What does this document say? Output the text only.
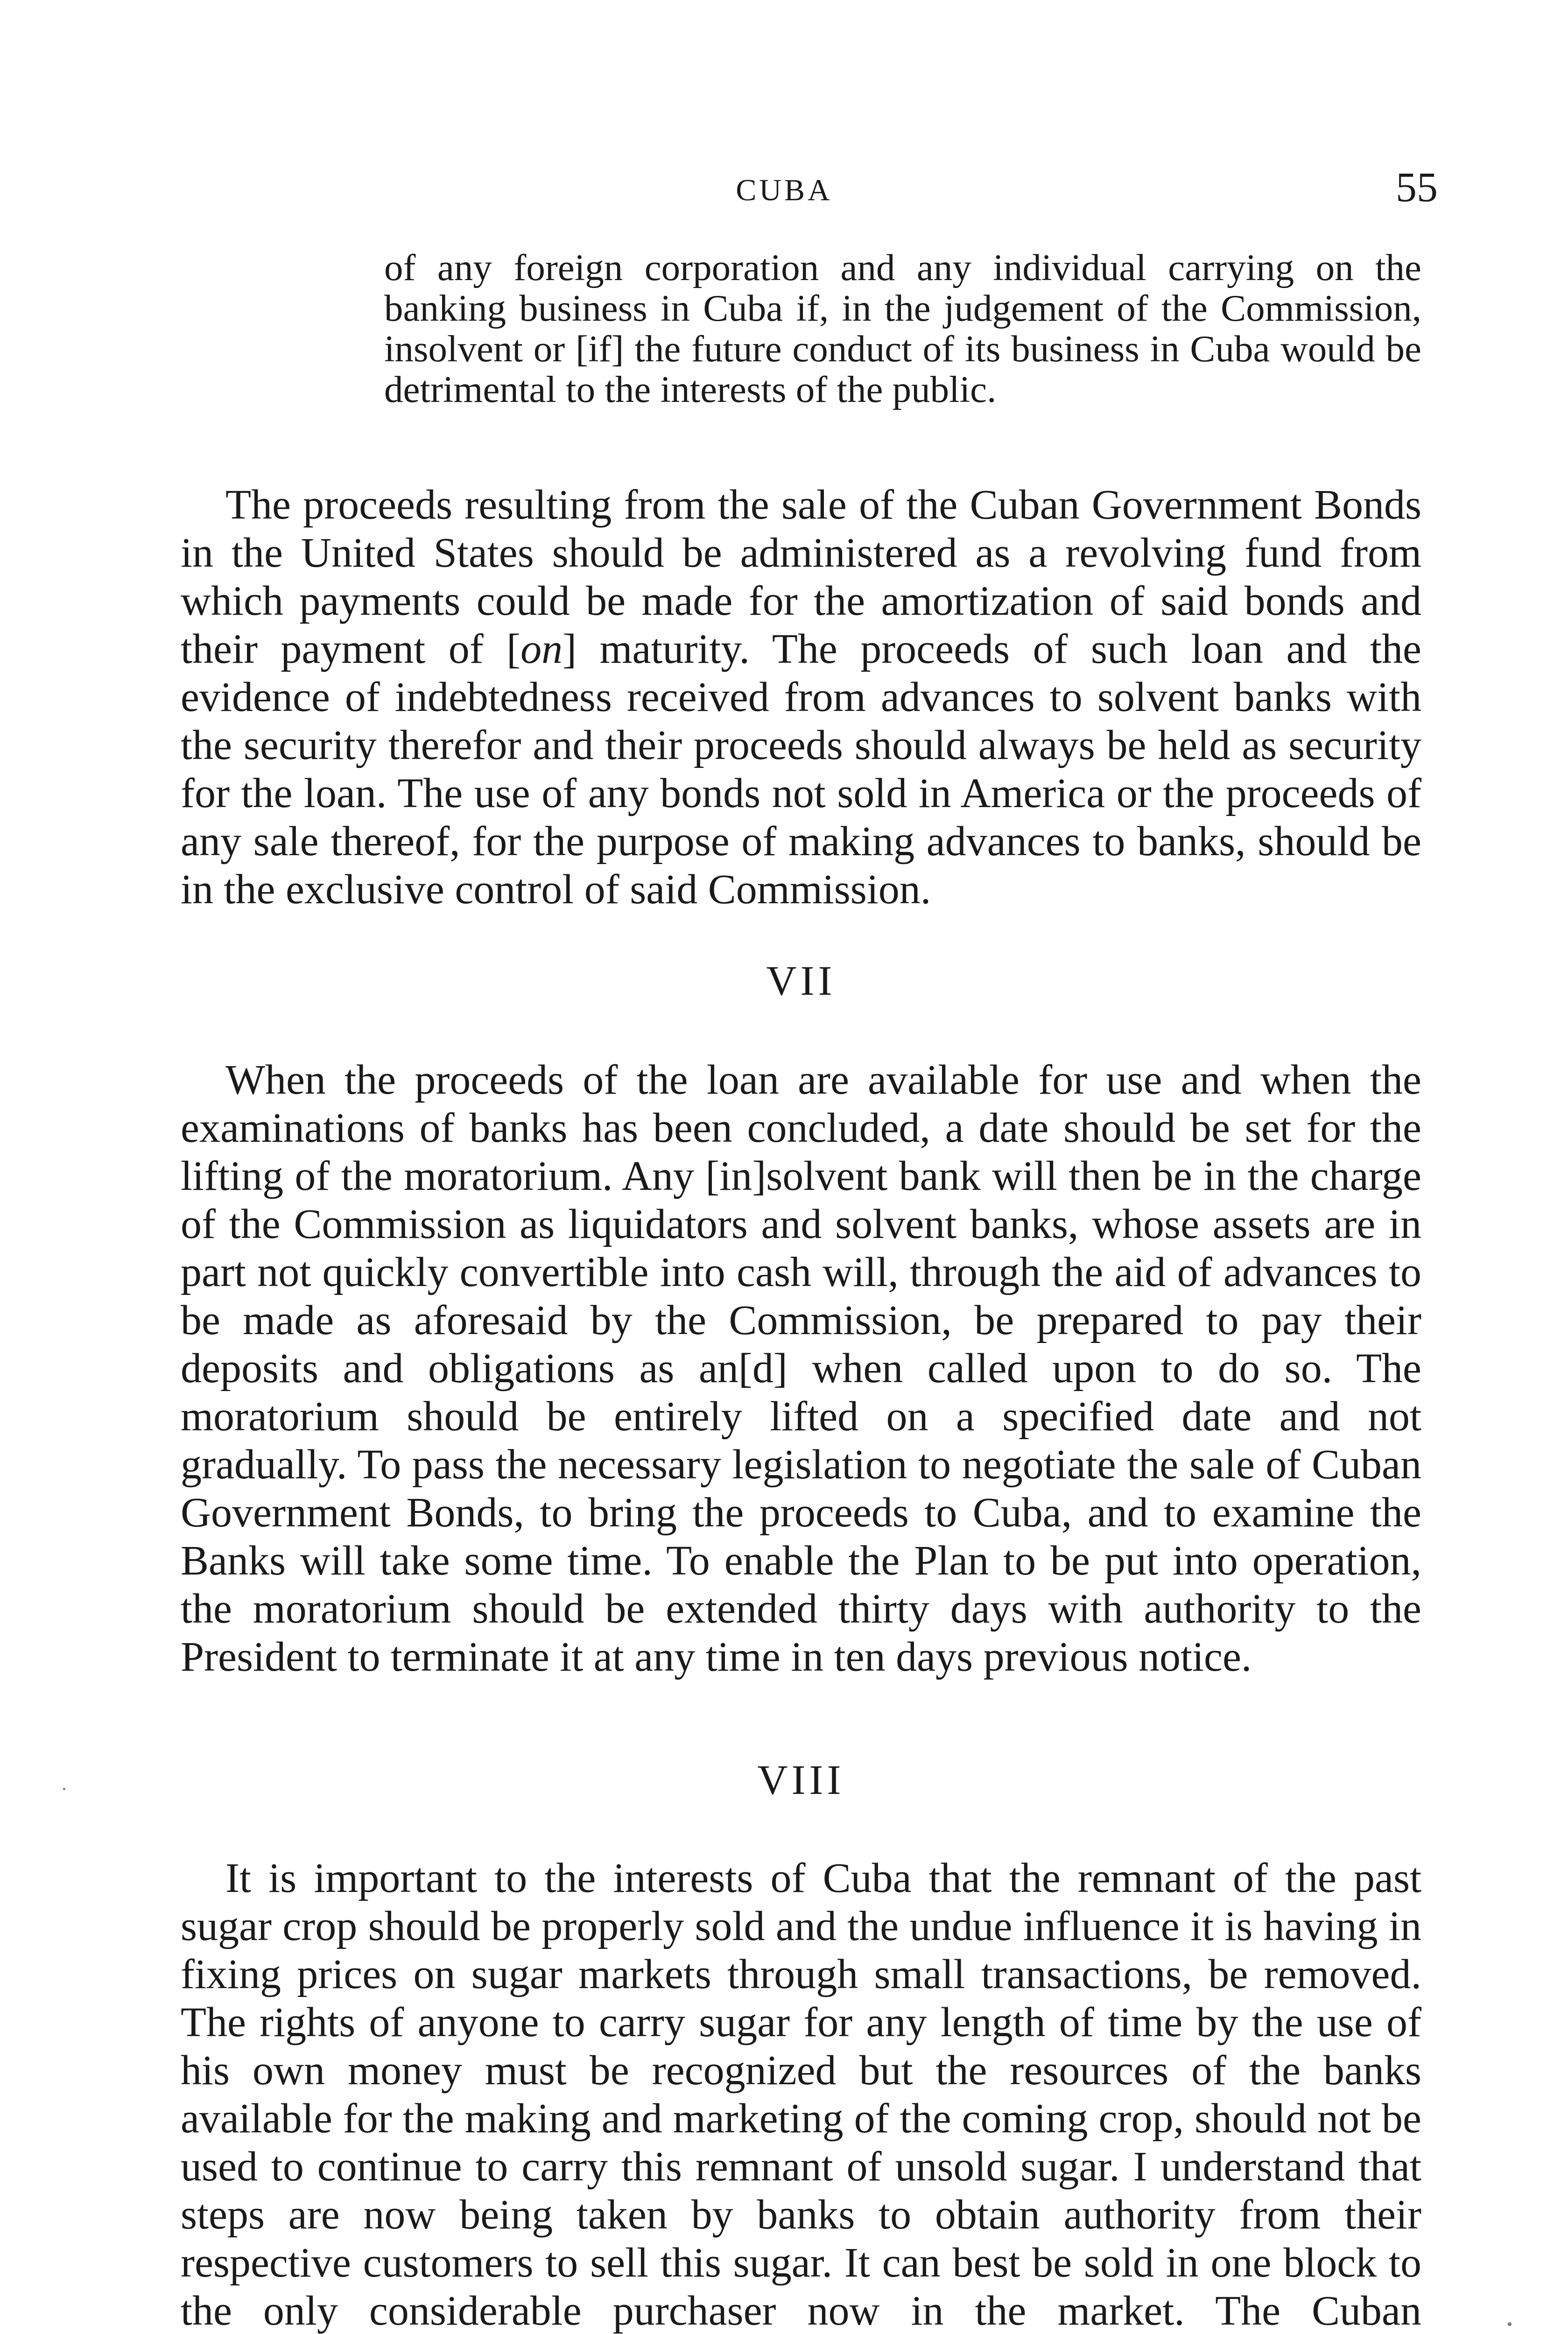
CUBA	55

of any foreign corporation and any individual carrying on the banking business in Cuba if, in the judgement of the Commission, insolvent or [if] the future conduct of its business in Cuba would be detrimental to the interests of the public.

The proceeds resulting from the sale of the Cuban Government Bonds in the United States should be administered as a revolving fund from which payments could be made for the amortization of said bonds and their payment of [on] maturity. The proceeds of such loan and the evidence of indebtedness received from advances to solvent banks with the security therefor and their proceeds should always be held as security for the loan. The use of any bonds not sold in America or the proceeds of any sale thereof, for the purpose of making advances to banks, should be in the exclusive control of said Commission.

VII

When the proceeds of the loan are available for use and when the examinations of banks has been concluded, a date should be set for the lifting of the moratorium. Any [in]solvent bank will then be in the charge of the Commission as liquidators and solvent banks, whose assets are in part not quickly convertible into cash will, through the aid of advances to be made as aforesaid by the Commission, be prepared to pay their deposits and obligations as an[d] when called upon to do so. The moratorium should be entirely lifted on a specified date and not gradually. To pass the necessary legislation to negotiate the sale of Cuban Government Bonds, to bring the proceeds to Cuba, and to examine the Banks will take some time. To enable the Plan to be put into operation, the moratorium should be extended thirty days with authority to the President to terminate it at any time in ten days previous notice.

VIII

It is important to the interests of Cuba that the remnant of the past sugar crop should be properly sold and the undue influence it is having in fixing prices on sugar markets through small transactions, be removed. The rights of anyone to carry sugar for any length of time by the use of his own money must be recognized but the resources of the banks available for the making and marketing of the coming crop, should not be used to continue to carry this remnant of unsold sugar. I understand that steps are now being taken by banks to obtain authority from their respective customers to sell this sugar. It can best be sold in one block to the only considerable purchaser now in the market. The Cuban
